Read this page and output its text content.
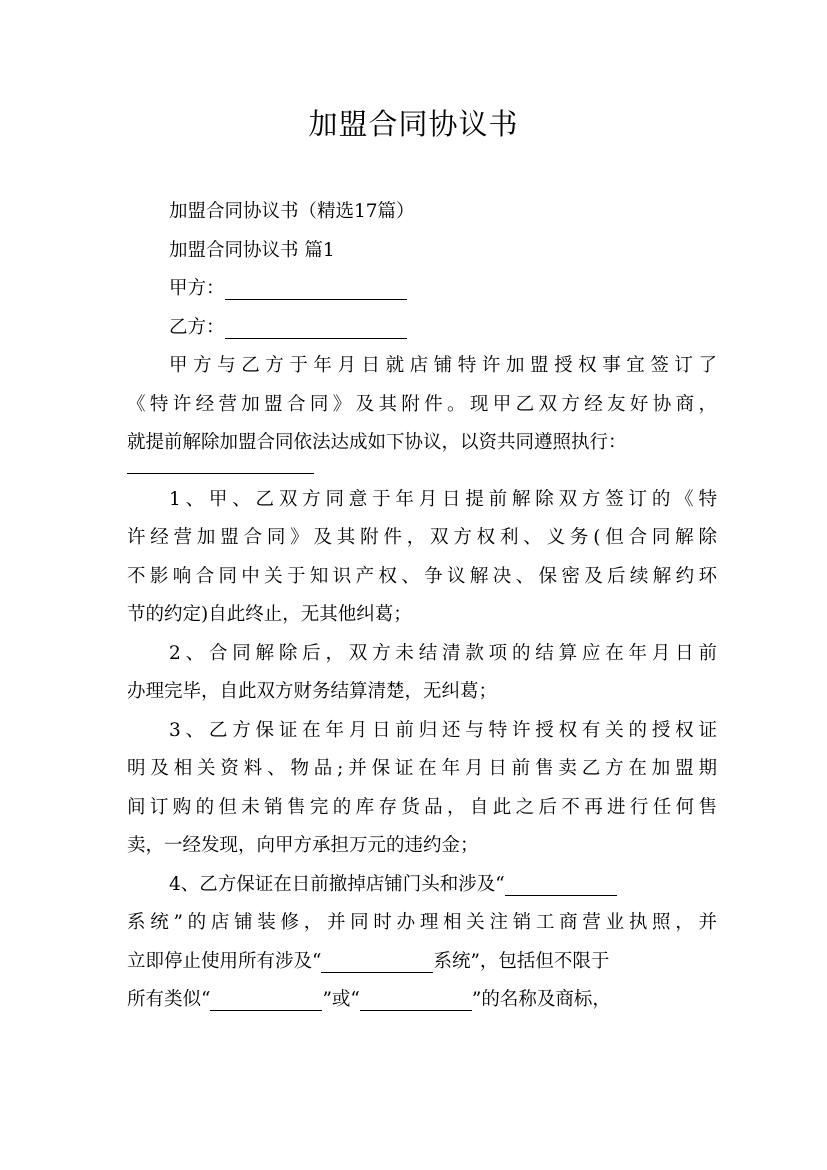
加盟合同协议书
加盟合同协议书（精选17篇）
加盟合同协议书 篇1
甲方：
乙方：
甲方与乙方于年月日就店铺特许加盟授权事宜签订了
《特许经营加盟合同》及其附件。现甲乙双方经友好协商，
就提前解除加盟合同依法达成如下协议，以资共同遵照执行：
1、甲、乙双方同意于年月日提前解除双方签订的《特
许经营加盟合同》及其附件，双方权利、义务(但合同解除
不影响合同中关于知识产权、争议解决、保密及后续解约环
节的约定)自此终止，无其他纠葛；
2、合同解除后，双方未结清款项的结算应在年月日前
办理完毕，自此双方财务结算清楚，无纠葛；
3、乙方保证在年月日前归还与特许授权有关的授权证
明及相关资料、物品;并保证在年月日前售卖乙方在加盟期
间订购的但未销售完的库存货品，自此之后不再进行任何售
卖，一经发现，向甲方承担万元的违约金；
4、乙方保证在日前撤掉店铺门头和涉及“
系统”的店铺装修，并同时办理相关注销工商营业执照，并
立即停止使用所有涉及“	系统”，包括但不限于
所有类似“	”或“	”的名称及商标，
